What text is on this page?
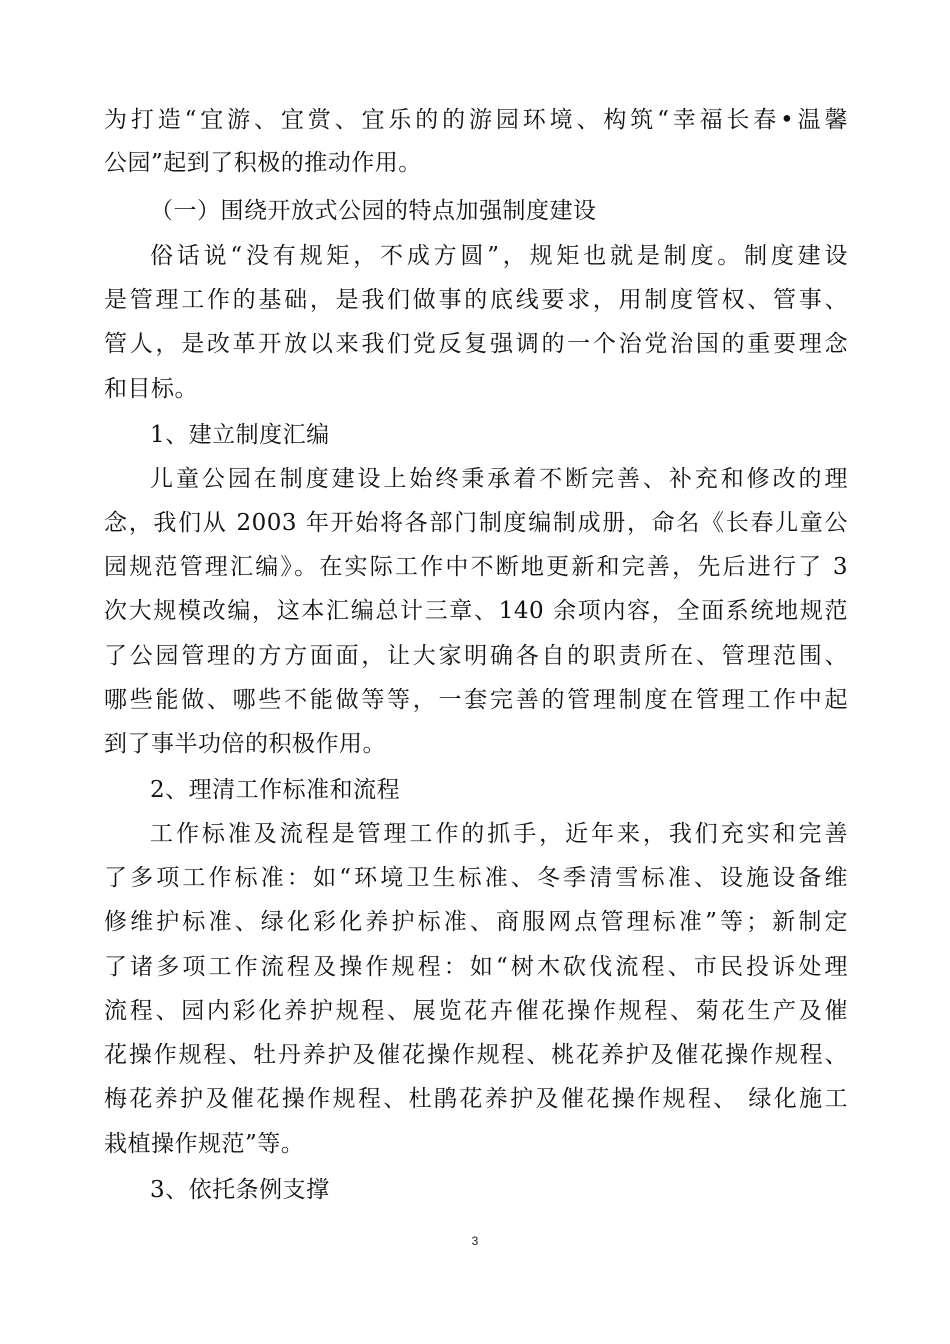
为打造“宜游、宜赏、宜乐的的游园环境、构筑“幸福长春•温馨
公园”起到了积极的推动作用。
（一）围绕开放式公园的特点加强制度建设
俗话说“没有规矩，不成方圆”，规矩也就是制度。制度建设
是管理工作的基础，是我们做事的底线要求，用制度管权、管事、
管人，是改革开放以来我们党反复强调的一个治党治国的重要理念
和目标。
1、建立制度汇编
儿童公园在制度建设上始终秉承着不断完善、补充和修改的理
念，我们从 2003 年开始将各部门制度编制成册，命名《长春儿童公
园规范管理汇编》。在实际工作中不断地更新和完善，先后进行了 3
次大规模改编，这本汇编总计三章、140 余项内容，全面系统地规范
了公园管理的方方面面，让大家明确各自的职责所在、管理范围、
哪些能做、哪些不能做等等，一套完善的管理制度在管理工作中起
到了事半功倍的积极作用。
2、理清工作标准和流程
工作标准及流程是管理工作的抓手，近年来，我们充实和完善
了多项工作标准：如“环境卫生标准、冬季清雪标准、设施设备维
修维护标准、绿化彩化养护标准、商服网点管理标准”等；新制定
了诸多项工作流程及操作规程：如“树木砍伐流程、市民投诉处理
流程、园内彩化养护规程、展览花卉催花操作规程、菊花生产及催
花操作规程、牡丹养护及催花操作规程、桃花养护及催花操作规程、
梅花养护及催花操作规程、杜鹃花养护及催花操作规程、 绿化施工
栽植操作规范”等。
3、依托条例支撑
3
